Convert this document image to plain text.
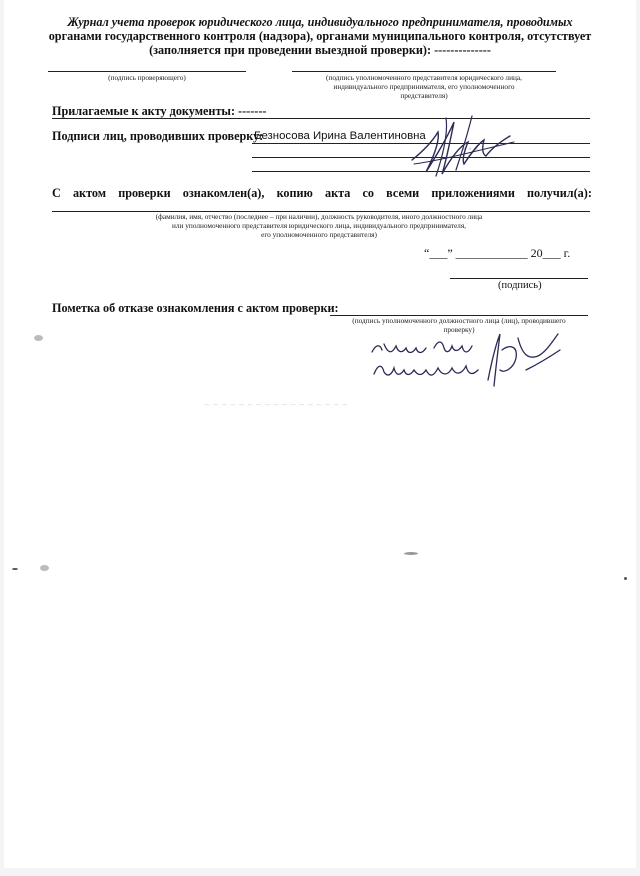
Журнал учета проверок юридического лица, индивидуального предпринимателя, проводимых
органами государственного контроля (надзора), органами муниципального контроля, отсутствует
(заполняется при проведении выездной проверки): --------------
(подпись проверяющего)	(подпись уполномоченного представителя юридического лица,
индивидуального предпринимателя, его уполномоченного
представителя)
Прилагаемые к акту документы: -------
Подписи лиц, проводивших проверку:
Безносова Ирина Валентиновна
• • •
С актом проверки ознакомлен(а), копию акта со всеми приложениями получил(а):
(фамилия, имя, отчество (последнее – при наличии), должность руководителя, иного должностного лица
или уполномоченного представителя юридического лица, индивидуального предпринимателя,
его уполномоченного представителя)
“___” ____________ 20___ г.
(подпись)
Пометка об отказе ознакомления с актом проверки:
(подпись уполномоченного должностного лица (лиц), проводившего
проверку)
~ ~ ~ ~ ~ ~ ~ ~ ~ ~ ~ ~ ~ ~ ~ ~ ~
